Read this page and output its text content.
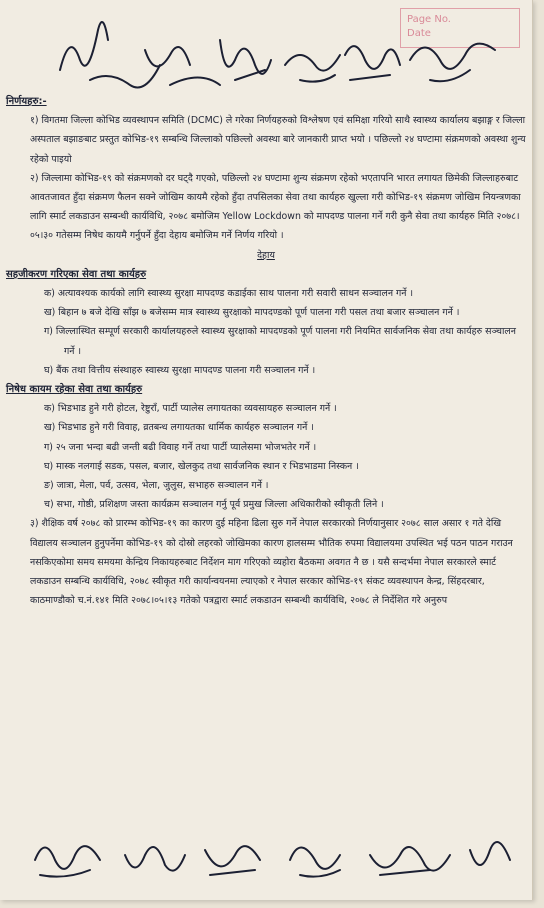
Page No.
Date

निर्णयहरु:-

१) विगतमा जिल्ला कोभिड व्यवस्थापन समिति (DCMC) ले गरेका निर्णयहरुको विश्लेषण एवं समिक्षा गरियो साथै स्वास्थ्य कार्यालय बझाङ्ग र जिल्ला अस्पताल बझाङबाट प्रस्तुत कोभिड-१९ सम्बन्धि जिल्लाको पछिल्लो अवस्था बारे जानकारी प्राप्त भयो । पछिल्लो २४ घण्टामा संक्रमणको अवस्था शुन्य रहेको पाइयो

२) जिल्लामा कोभिड-१९ को संक्रमणको दर घट्दै गएको, पछिल्लो २४ घण्टामा शुन्य संक्रमण रहेको भएतापनि भारत लगायत छिमेकी जिल्लाहरुबाट आवतजावत हुँदा संक्रमण फैलन सक्ने जोखिम कायमै रहेको हुँदा तपसिलका सेवा तथा कार्यहरु खुल्ला गरी कोभिड-१९ संक्रमण जोखिम नियन्त्रणका लागि स्मार्ट लकडाउन सम्बन्धी कार्यविधि, २०७८ बमोजिम Yellow Lockdown को मापदण्ड पालना गर्ने गरी कुनै सेवा तथा कार्यहरु मिति २०७८।०५।३० गतेसम्म निषेध कायमै गर्नुपर्ने हुँदा देहाय बमोजिम गर्ने निर्णय गरियो ।

देहाय

सहजीकरण गरिएका सेवा तथा कार्यहरु

क) अत्यावश्यक कार्यको लागि स्वास्थ्य सुरक्षा मापदण्ड कडाईका साथ पालना गरी सवारी साधन सञ्चालन गर्ने ।

ख) बिहान ७ बजे देखि साँझ ७ बजेसम्म मात्र स्वास्थ्य सुरक्षाको मापदण्डको पूर्ण पालना गरी पसल तथा बजार सञ्चालन गर्ने ।

ग) जिल्लास्थित सम्पूर्ण सरकारी कार्यालयहरुले स्वास्थ्य सुरक्षाको मापदण्डको पूर्ण पालना गरी नियमित सार्वजनिक सेवा तथा कार्यहरु सञ्चालन गर्ने ।

घ) बैंक तथा वित्तीय संस्थाहरु स्वास्थ्य सुरक्षा मापदण्ड पालना गरी सञ्चालन गर्ने ।

निषेध कायम रहेका सेवा तथा कार्यहरु

क) भिडभाड हुने गरी होटल, रेष्टुराँ, पार्टी प्यालेस लगायतका व्यवसायहरु सञ्चालन गर्ने ।

ख) भिडभाड हुने गरी विवाह, व्रतबन्ध लगायतका धार्मिक कार्यहरु सञ्चालन गर्ने ।

ग) २५ जना भन्दा बढी जन्ती बढी विवाह गर्ने तथा पार्टी प्यालेसमा भोजभतेर गर्ने ।

घ) मास्क नलगाई सडक, पसल, बजार, खेलकुद तथा सार्वजनिक स्थान र भिडभाडमा निस्कन ।

ङ) जात्रा, मेला, पर्व, उत्सव, भेला, जुलुस, सभाहरु सञ्चालन गर्ने ।

च) सभा, गोष्ठी, प्रशिक्षण जस्ता कार्यक्रम सञ्चालन गर्नु पूर्व प्रमुख जिल्ला अधिकारीको स्वीकृती लिने ।

३) शैक्षिक वर्ष २०७८ को प्रारम्भ कोभिड-१९ का कारण दुई महिना ढिला सुरु गर्ने नेपाल सरकारको निर्णयानुसार २०७८ साल असार १ गते देखि विद्यालय सञ्चालन हुनुपर्नेमा कोभिड-१९ को दोस्रो लहरको जोखिमका कारण हालसम्म भौतिक रुपमा विद्यालयमा उपस्थित भई पठन पाठन गराउन नसकिएकोमा समय समयमा केन्द्रिय निकायहरुबाट निर्देशन माग गरिएको व्यहोरा बैठकमा अवगत नै छ । यसै सन्दर्भमा नेपाल सरकारले स्मार्ट लकडाउन सम्बन्धि कार्यविधि, २०७८ स्वीकृत गरी कार्यान्वयनमा ल्याएको र नेपाल सरकार कोभिड-१९ संकट व्यवस्थापन केन्द्र, सिंहदरबार, काठमाण्डौको च.नं.१४१ मिति २०७८।०५।१३ गतेको पत्रद्वारा स्मार्ट लकडाउन सम्बन्धी कार्यविधि, २०७८ ले निर्देशित गरे अनुरुप
